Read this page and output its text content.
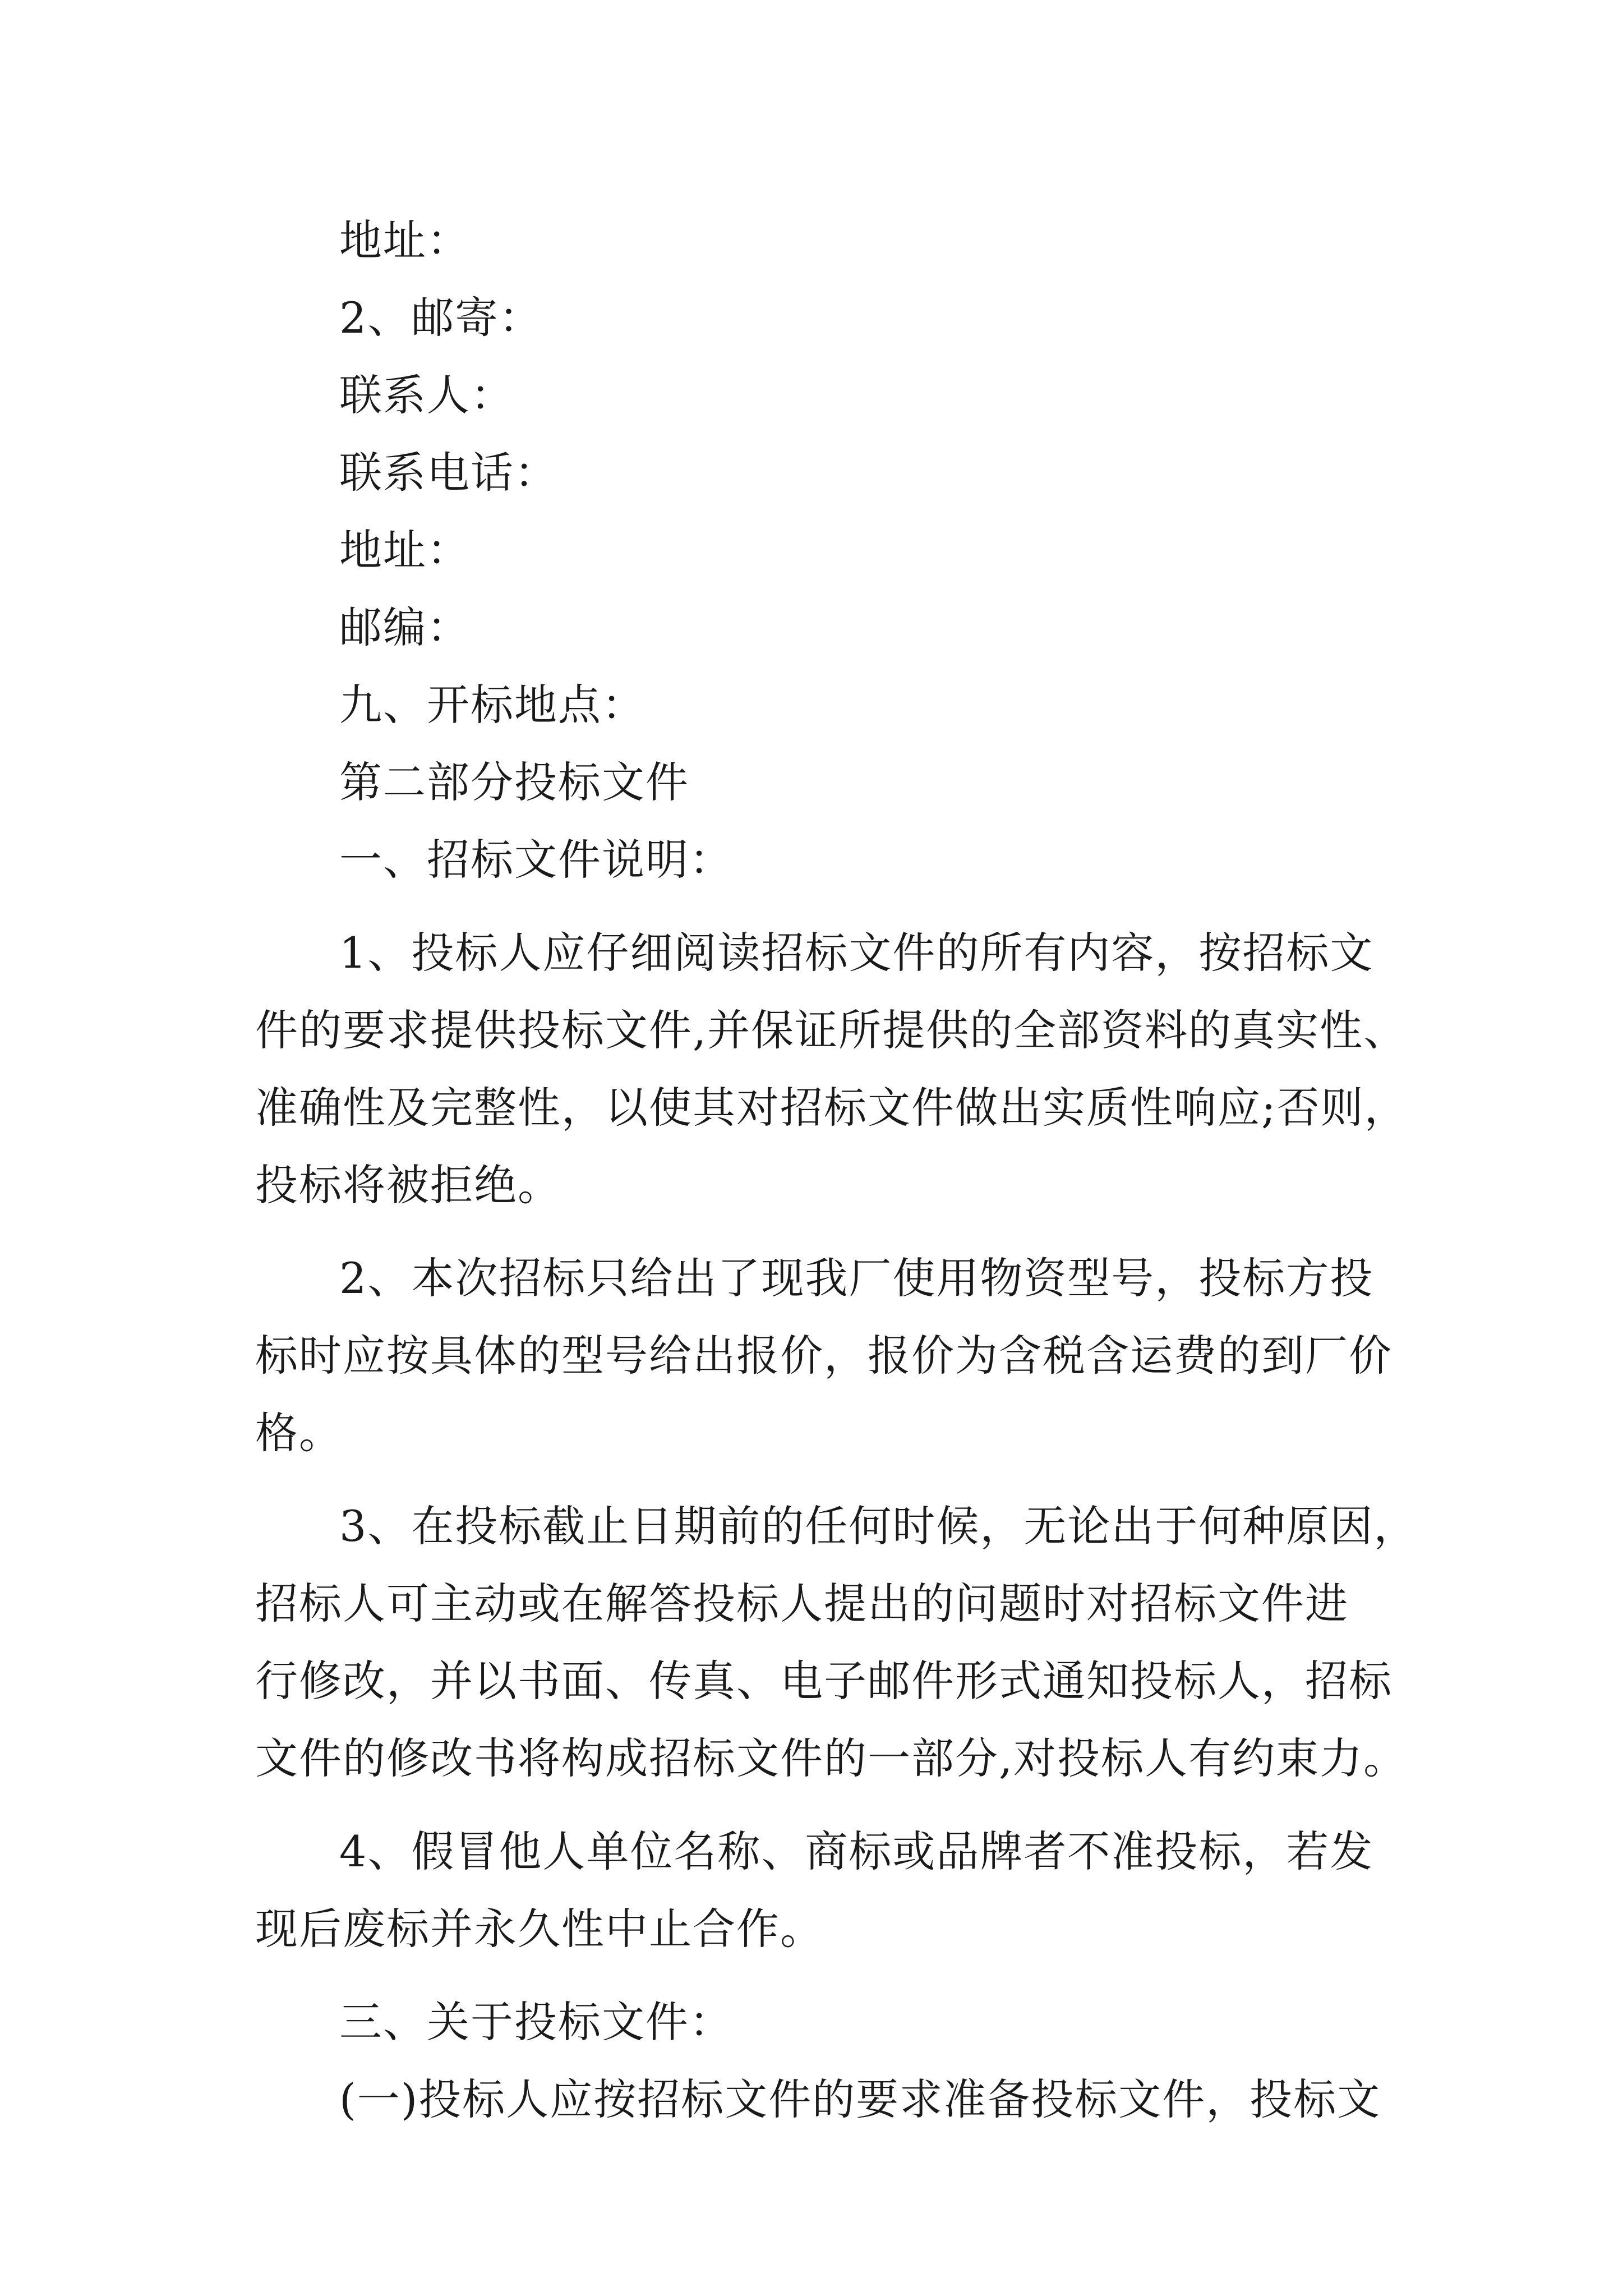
地址：
2、邮寄：
联系人：
联系电话：
地址：
邮编：
九、开标地点：
第二部分投标文件
一、招标文件说明：
1、投标人应仔细阅读招标文件的所有内容，按招标文
件的要求提供投标文件,并保证所提供的全部资料的真实性、
准确性及完整性，以使其对招标文件做出实质性响应;否则，
投标将被拒绝。
2、本次招标只给出了现我厂使用物资型号，投标方投
标时应按具体的型号给出报价，报价为含税含运费的到厂价
格。
3、在投标截止日期前的任何时候，无论出于何种原因，
招标人可主动或在解答投标人提出的问题时对招标文件进
行修改，并以书面、传真、电子邮件形式通知投标人，招标
文件的修改书将构成招标文件的一部分,对投标人有约束力。
4、假冒他人单位名称、商标或品牌者不准投标，若发
现后废标并永久性中止合作。
三、关于投标文件：
(一)投标人应按招标文件的要求准备投标文件，投标文
